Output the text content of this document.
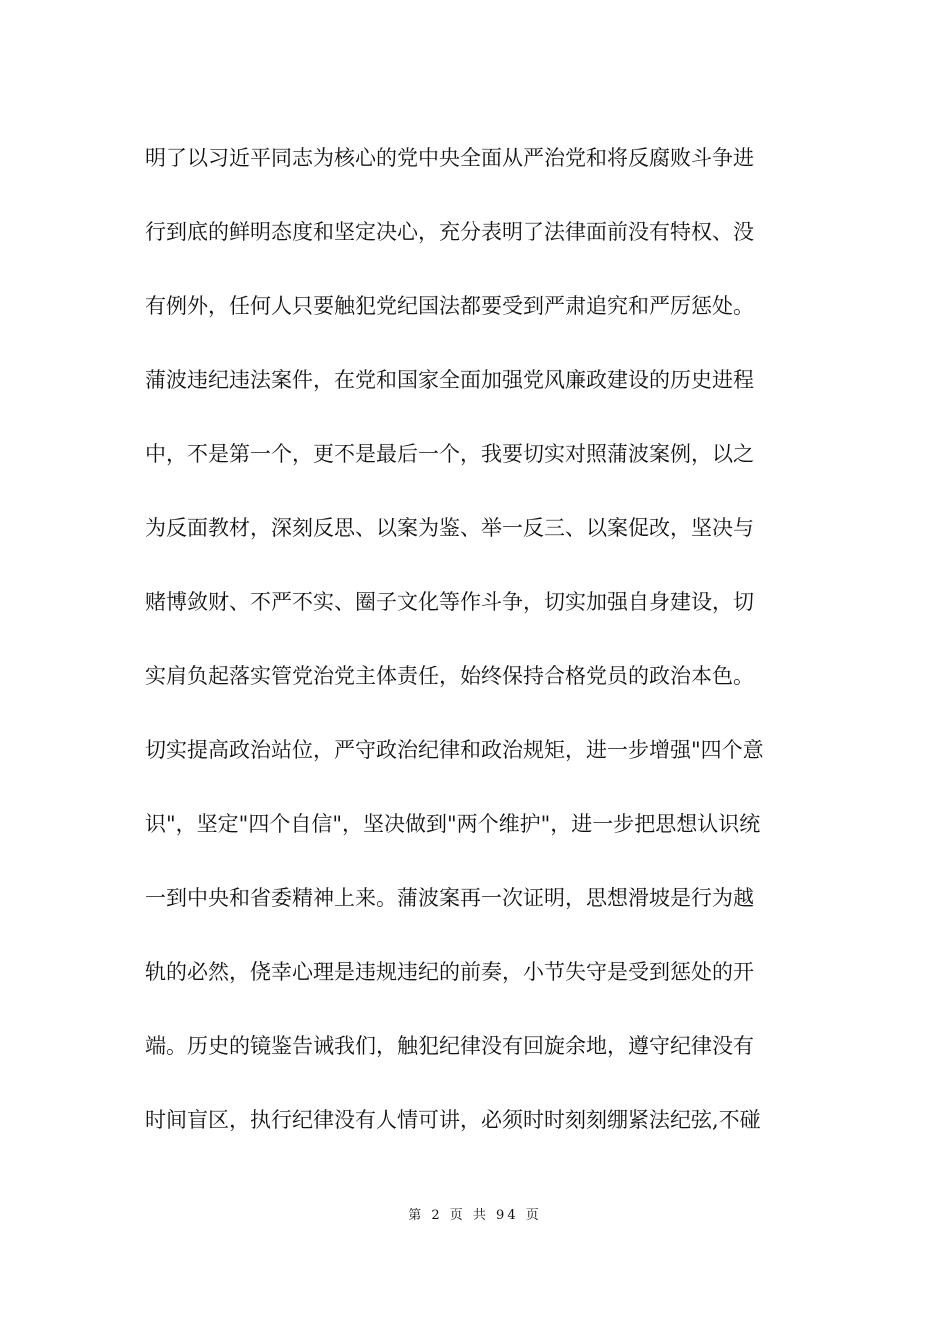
明了以习近平同志为核心的党中央全面从严治党和将反腐败斗争进
行到底的鲜明态度和坚定决心，充分表明了法律面前没有特权、没
有例外，任何人只要触犯党纪国法都要受到严肃追究和严厉惩处。
蒲波违纪违法案件，在党和国家全面加强党风廉政建设的历史进程
中，不是第一个，更不是最后一个，我要切实对照蒲波案例，以之
为反面教材，深刻反思、以案为鉴、举一反三、以案促改，坚决与
赌博敛财、不严不实、圈子文化等作斗争，切实加强自身建设，切
实肩负起落实管党治党主体责任，始终保持合格党员的政治本色。
切实提高政治站位，严守政治纪律和政治规矩，进一步增强"四个意
识"，坚定"四个自信"，坚决做到"两个维护"，进一步把思想认识统
一到中央和省委精神上来。蒲波案再一次证明，思想滑坡是行为越
轨的必然，侥幸心理是违规违纪的前奏，小节失守是受到惩处的开
端。历史的镜鉴告诫我们，触犯纪律没有回旋余地，遵守纪律没有
时间盲区，执行纪律没有人情可讲，必须时时刻刻绷紧法纪弦,不碰
第 2 页 共 94 页
